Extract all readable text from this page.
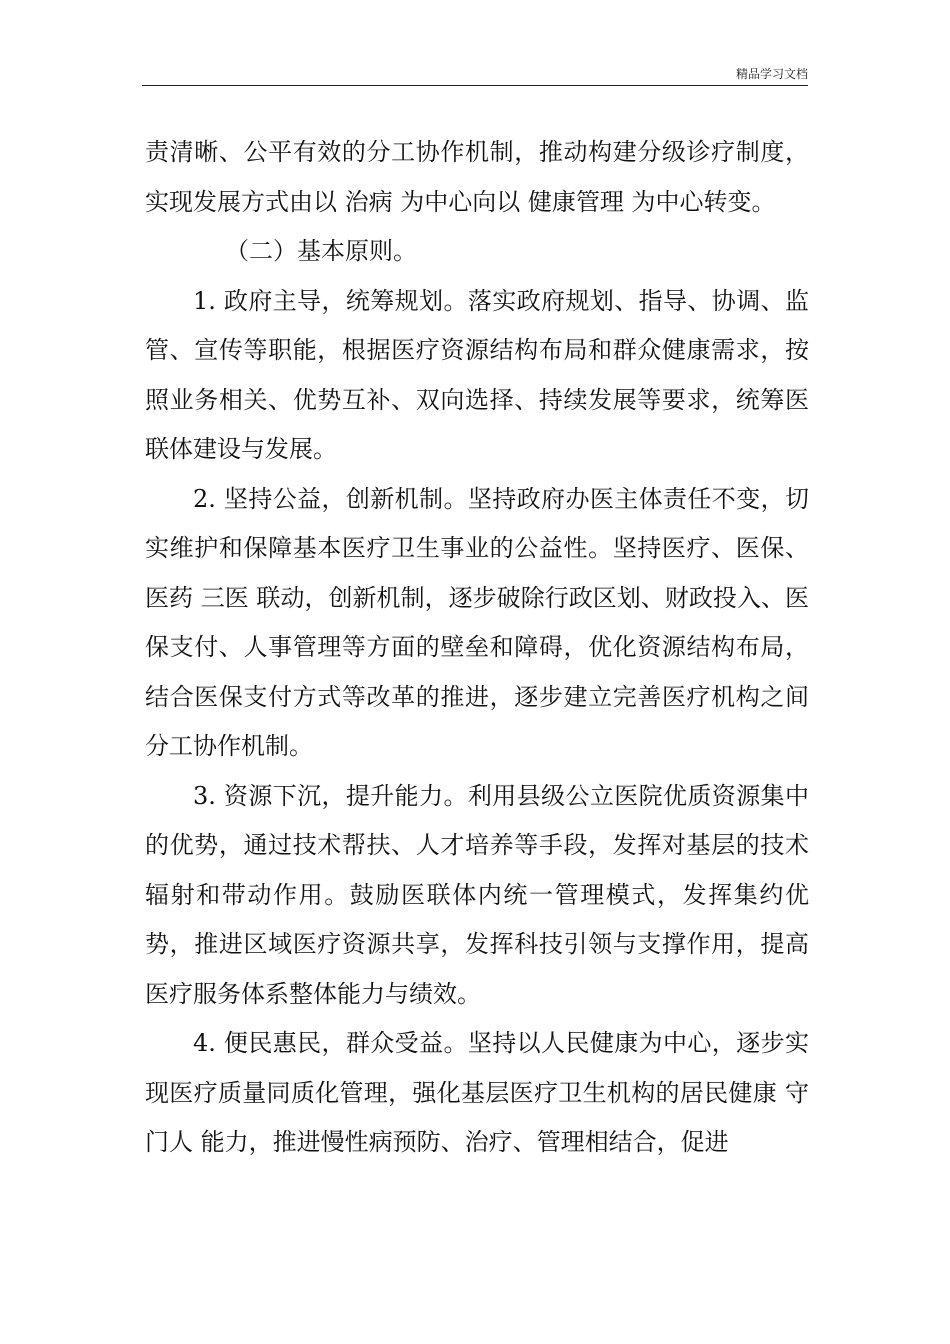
精品学习文档

责清晰、公平有效的分工协作机制，推动构建分级诊疗制度，实现发展方式由以 治病 为中心向以 健康管理 为中心转变。

（二）基本原则。

1. 政府主导，统筹规划。落实政府规划、指导、协调、监管、宣传等职能，根据医疗资源结构布局和群众健康需求，按照业务相关、优势互补、双向选择、持续发展等要求，统筹医联体建设与发展。

2. 坚持公益，创新机制。坚持政府办医主体责任不变，切实维护和保障基本医疗卫生事业的公益性。坚持医疗、医保、医药 三医 联动，创新机制，逐步破除行政区划、财政投入、医保支付、人事管理等方面的壁垒和障碍，优化资源结构布局，结合医保支付方式等改革的推进，逐步建立完善医疗机构之间分工协作机制。

3. 资源下沉，提升能力。利用县级公立医院优质资源集中的优势，通过技术帮扶、人才培养等手段，发挥对基层的技术辐射和带动作用。鼓励医联体内统一管理模式，发挥集约优势，推进区域医疗资源共享，发挥科技引领与支撑作用，提高医疗服务体系整体能力与绩效。

4. 便民惠民，群众受益。坚持以人民健康为中心，逐步实现医疗质量同质化管理，强化基层医疗卫生机构的居民健康 守门人 能力，推进慢性病预防、治疗、管理相结合，促进
